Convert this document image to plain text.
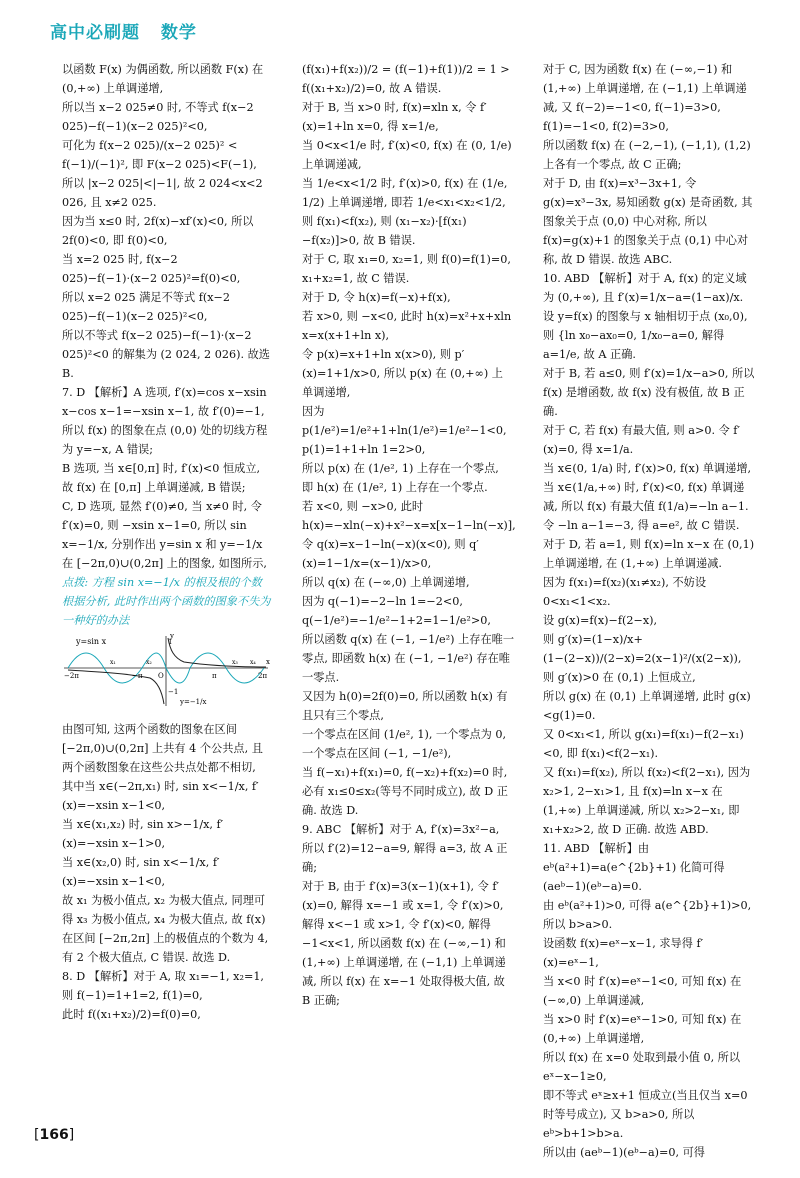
高中必刷题 数学

以函数 F(x) 为偶函数, 所以函数 F(x) 在 (0,+∞) 上单调递增,

所以当 x−2 025≠0 时, 不等式 f(x−2 025)−f(−1)(x−2 025)²<0,

可化为 f(x−2 025)/(x−2 025)² < f(−1)/(−1)², 即 F(x−2 025)<F(−1),

所以 |x−2 025|<|−1|, 故 2 024<x<2 026, 且 x≠2 025.

因为当 x≤0 时, 2f(x)−xf′(x)<0, 所以 2f(0)<0, 即 f(0)<0,

当 x=2 025 时, f(x−2 025)−f(−1)·(x−2 025)²=f(0)<0,

所以 x=2 025 满足不等式 f(x−2 025)−f(−1)(x−2 025)²<0,

所以不等式 f(x−2 025)−f(−1)·(x−2 025)²<0 的解集为 (2 024, 2 026). 故选 B.

7. D 【解析】A 选项, f′(x)=cos x−xsin x−cos x−1=−xsin x−1, 故 f′(0)=−1, 所以 f(x) 的图象在点 (0,0) 处的切线方程为 y=−x, A 错误;

B 选项, 当 x∈[0,π] 时, f′(x)<0 恒成立, 故 f(x) 在 [0,π] 上单调递减, B 错误;

C, D 选项, 显然 f′(0)≠0, 当 x≠0 时, 令 f′(x)=0, 则 −xsin x−1=0, 所以 sin x=−1/x, 分别作出 y=sin x 和 y=−1/x 在 [−2π,0)∪(0,2π] 上的图象, 如图所示,

点拨: 方程 sin x=−1/x 的根及根的个数根据分析, 此时作出两个函数的图象不失为一种好的办法

y=sin x
−2π	−π O	π	2π
1
−1
x
y
y=−1/x
x₁	x₂	x₃ x₄

由图可知, 这两个函数的图象在区间 [−2π,0)∪(0,2π] 上共有 4 个公共点, 且两个函数图象在这些公共点处都不相切,

其中当 x∈(−2π,x₁) 时, sin x<−1/x, f′(x)=−xsin x−1<0,

当 x∈(x₁,x₂) 时, sin x>−1/x, f′(x)=−xsin x−1>0,

当 x∈(x₂,0) 时, sin x<−1/x, f′(x)=−xsin x−1<0,

故 x₁ 为极小值点, x₂ 为极大值点, 同理可得 x₃ 为极小值点, x₄ 为极大值点, 故 f(x) 在区间 [−2π,2π] 上的极值点的个数为 4, 有 2 个极大值点, C 错误. 故选 D.

8. D 【解析】对于 A, 取 x₁=−1, x₂=1, 则 f(−1)=1+1=2, f(1)=0,

此时 f((x₁+x₂)/2)=f(0)=0,

(f(x₁)+f(x₂))/2 = (f(−1)+f(1))/2 = 1 > f((x₁+x₂)/2)=0, 故 A 错误.

对于 B, 当 x>0 时, f(x)=xln x, 令 f′(x)=1+ln x=0, 得 x=1/e,

当 0<x<1/e 时, f′(x)<0, f(x) 在 (0, 1/e) 上单调递减,

当 1/e<x<1/2 时, f′(x)>0, f(x) 在 (1/e, 1/2) 上单调递增, 即若 1/e<x₁<x₂<1/2, 则 f(x₁)<f(x₂), 则 (x₁−x₂)·[f(x₁)−f(x₂)]>0, 故 B 错误.

对于 C, 取 x₁=0, x₂=1, 则 f(0)=f(1)=0, x₁+x₂=1, 故 C 错误.

对于 D, 令 h(x)=f(−x)+f(x),

若 x>0, 则 −x<0, 此时 h(x)=x²+x+xln x=x(x+1+ln x),

令 p(x)=x+1+ln x(x>0), 则 p′(x)=1+1/x>0, 所以 p(x) 在 (0,+∞) 上单调递增,

因为 p(1/e²)=1/e²+1+ln(1/e²)=1/e²−1<0, p(1)=1+1+ln 1=2>0,

所以 p(x) 在 (1/e², 1) 上存在一个零点,

即 h(x) 在 (1/e², 1) 上存在一个零点.

若 x<0, 则 −x>0, 此时 h(x)=−xln(−x)+x²−x=x[x−1−ln(−x)],

令 q(x)=x−1−ln(−x)(x<0), 则 q′(x)=1−1/x=(x−1)/x>0,

所以 q(x) 在 (−∞,0) 上单调递增,

因为 q(−1)=−2−ln 1=−2<0, q(−1/e²)=−1/e²−1+2=1−1/e²>0,

所以函数 q(x) 在 (−1, −1/e²) 上存在唯一零点, 即函数 h(x) 在 (−1, −1/e²) 存在唯一零点.

又因为 h(0)=2f(0)=0, 所以函数 h(x) 有且只有三个零点,

一个零点在区间 (1/e², 1), 一个零点为 0, 一个零点在区间 (−1, −1/e²),

当 f(−x₁)+f(x₁)=0, f(−x₂)+f(x₂)=0 时, 必有 x₁≤0≤x₂(等号不同时成立), 故 D 正确. 故选 D.

9. ABC 【解析】对于 A, f′(x)=3x²−a, 所以 f′(2)=12−a=9, 解得 a=3, 故 A 正确;

对于 B, 由于 f′(x)=3(x−1)(x+1), 令 f′(x)=0, 解得 x=−1 或 x=1, 令 f′(x)>0, 解得 x<−1 或 x>1, 令 f′(x)<0, 解得 −1<x<1, 所以函数 f(x) 在 (−∞,−1) 和 (1,+∞) 上单调递增, 在 (−1,1) 上单调递减, 所以 f(x) 在 x=−1 处取得极大值, 故 B 正确;

对于 C, 因为函数 f(x) 在 (−∞,−1) 和 (1,+∞) 上单调递增, 在 (−1,1) 上单调递减, 又 f(−2)=−1<0, f(−1)=3>0, f(1)=−1<0, f(2)=3>0,

所以函数 f(x) 在 (−2,−1), (−1,1), (1,2) 上各有一个零点, 故 C 正确;

对于 D, 由 f(x)=x³−3x+1, 令 g(x)=x³−3x, 易知函数 g(x) 是奇函数, 其图象关于点 (0,0) 中心对称, 所以 f(x)=g(x)+1 的图象关于点 (0,1) 中心对称, 故 D 错误. 故选 ABC.

10. ABD 【解析】对于 A, f(x) 的定义域为 (0,+∞), 且 f′(x)=1/x−a=(1−ax)/x.

设 y=f(x) 的图象与 x 轴相切于点 (x₀,0), 则 {ln x₀−ax₀=0, 1/x₀−a=0, 解得 a=1/e, 故 A 正确.

对于 B, 若 a≤0, 则 f′(x)=1/x−a>0, 所以 f(x) 是增函数, 故 f(x) 没有极值, 故 B 正确.

对于 C, 若 f(x) 有最大值, 则 a>0. 令 f′(x)=0, 得 x=1/a.

当 x∈(0, 1/a) 时, f′(x)>0, f(x) 单调递增, 当 x∈(1/a,+∞) 时, f′(x)<0, f(x) 单调递减, 所以 f(x) 有最大值 f(1/a)=−ln a−1.

令 −ln a−1=−3, 得 a=e², 故 C 错误.

对于 D, 若 a=1, 则 f(x)=ln x−x 在 (0,1) 上单调递增, 在 (1,+∞) 上单调递减.

因为 f(x₁)=f(x₂)(x₁≠x₂), 不妨设 0<x₁<1<x₂.

设 g(x)=f(x)−f(2−x),

则 g′(x)=(1−x)/x+(1−(2−x))/(2−x)=2(x−1)²/(x(2−x)), 则 g′(x)>0 在 (0,1) 上恒成立,

所以 g(x) 在 (0,1) 上单调递增, 此时 g(x)<g(1)=0.

又 0<x₁<1, 所以 g(x₁)=f(x₁)−f(2−x₁)<0, 即 f(x₁)<f(2−x₁).

又 f(x₁)=f(x₂), 所以 f(x₂)<f(2−x₁), 因为 x₂>1, 2−x₁>1, 且 f(x)=ln x−x 在 (1,+∞) 上单调递减, 所以 x₂>2−x₁, 即 x₁+x₂>2, 故 D 正确. 故选 ABD.

11. ABD 【解析】由 eᵇ(a²+1)=a(e^{2b}+1) 化简可得 (aeᵇ−1)(eᵇ−a)=0.

由 eᵇ(a²+1)>0, 可得 a(e^{2b}+1)>0, 所以 b>a>0.

设函数 f(x)=eˣ−x−1, 求导得 f′(x)=eˣ−1,

当 x<0 时 f′(x)=eˣ−1<0, 可知 f(x) 在 (−∞,0) 上单调递减,

当 x>0 时 f′(x)=eˣ−1>0, 可知 f(x) 在 (0,+∞) 上单调递增,

所以 f(x) 在 x=0 处取到最小值 0, 所以 eˣ−x−1≥0,

即不等式 eˣ≥x+1 恒成立(当且仅当 x=0 时等号成立), 又 b>a>0, 所以 eᵇ>b+1>b>a.

所以由 (aeᵇ−1)(eᵇ−a)=0, 可得

[ 166 ]
